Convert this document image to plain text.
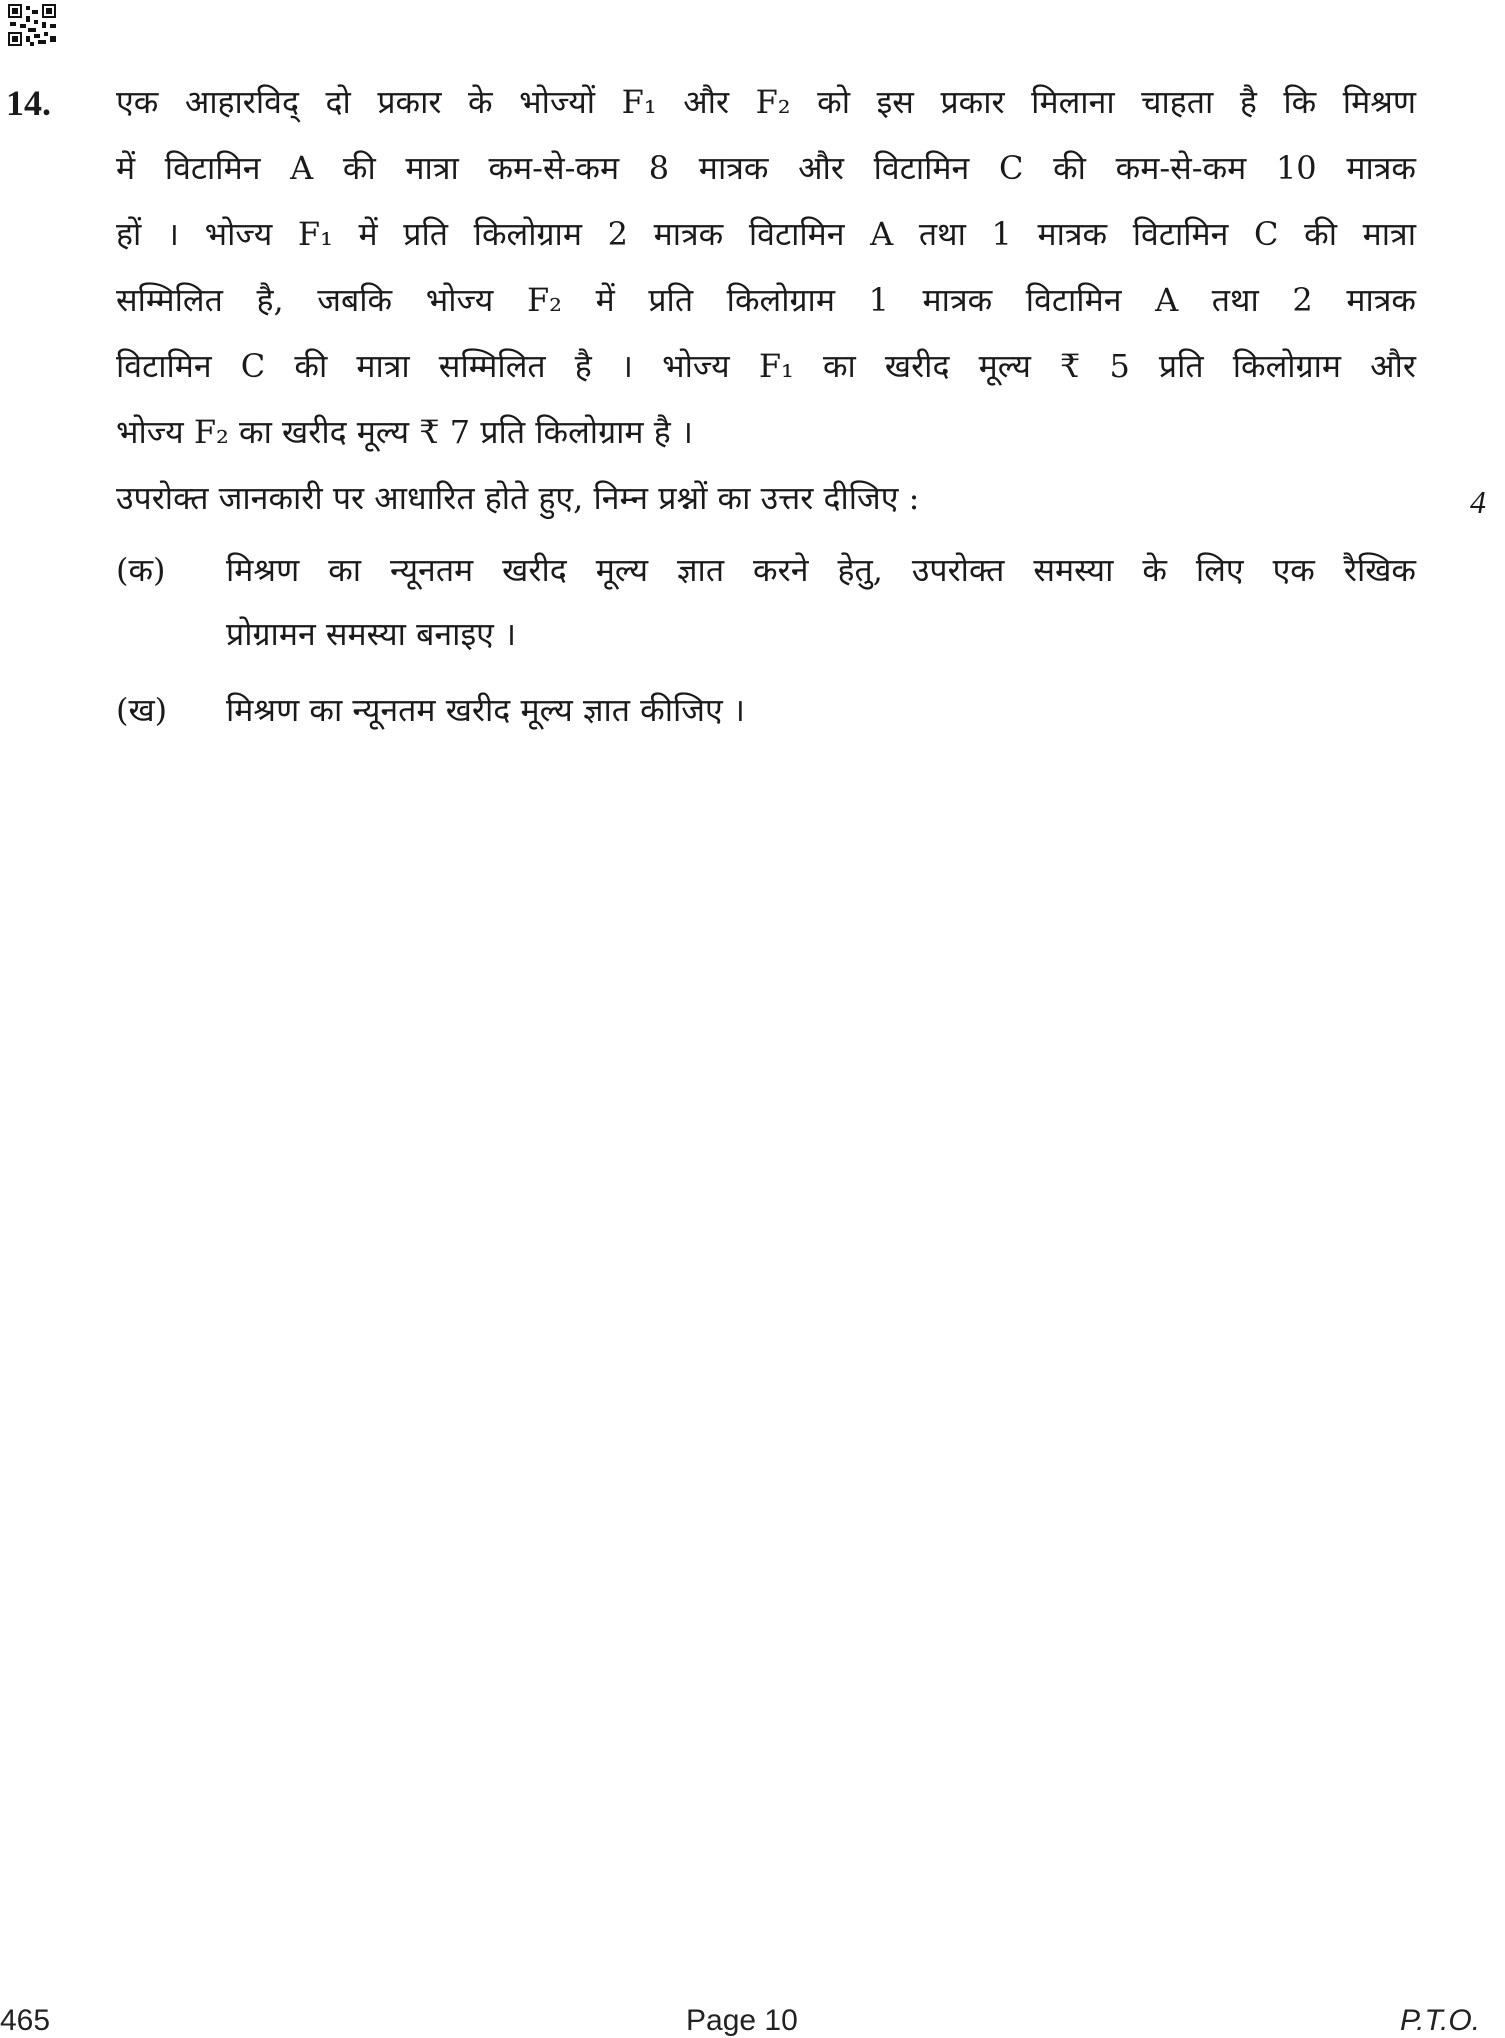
14. एक आहारविद् दो प्रकार के भोज्यों F₁ और F₂ को इस प्रकार मिलाना चाहता है कि मिश्रण
में विटामिन A की मात्रा कम-से-कम 8 मात्रक और विटामिन C की कम-से-कम 10 मात्रक
हों । भोज्य F₁ में प्रति किलोग्राम 2 मात्रक विटामिन A तथा 1 मात्रक विटामिन C की मात्रा
सम्मिलित है, जबकि भोज्य F₂ में प्रति किलोग्राम 1 मात्रक विटामिन A तथा 2 मात्रक
विटामिन C की मात्रा सम्मिलित है । भोज्य F₁ का खरीद मूल्य ₹ 5 प्रति किलोग्राम और
भोज्य F₂ का खरीद मूल्य ₹ 7 प्रति किलोग्राम है ।
उपरोक्त जानकारी पर आधारित होते हुए, निम्न प्रश्नों का उत्तर दीजिए :	4
(क) मिश्रण का न्यूनतम खरीद मूल्य ज्ञात करने हेतु, उपरोक्त समस्या के लिए एक रैखिक
प्रोग्रामन समस्या बनाइए ।
(ख) मिश्रण का न्यूनतम खरीद मूल्य ज्ञात कीजिए ।
465	Page 10	P.T.O.
